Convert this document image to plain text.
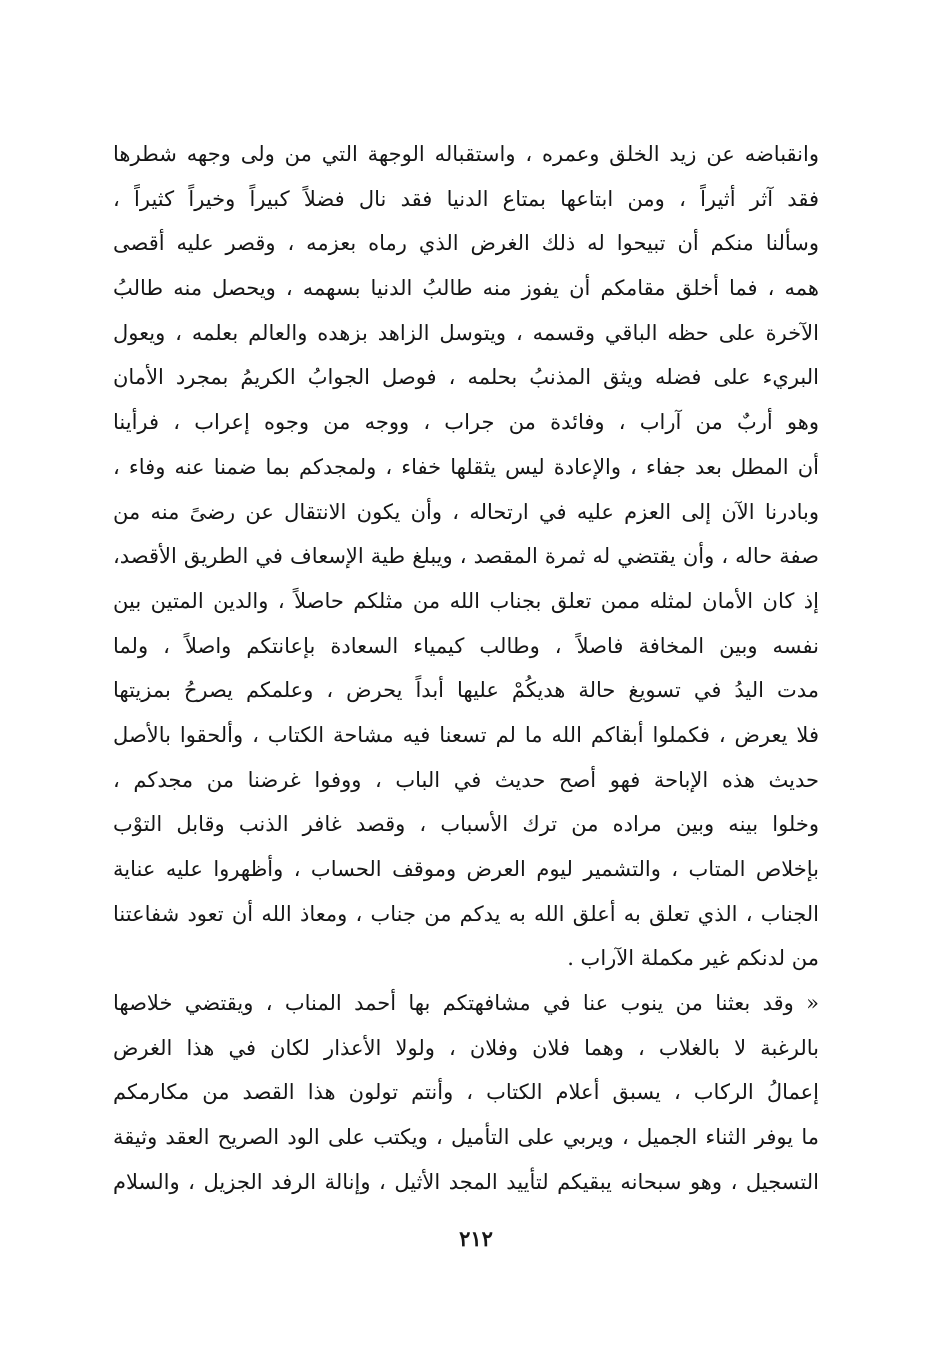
وانقباضه عن زيد الخلق وعمره ، واستقباله الوجهة التي من ولى وجهه شطرها
فقد آثر أثيراً ، ومن ابتاعها بمتاع الدنيا فقد نال فضلاً كبيراً وخيراً كثيراً ،
وسألنا منكم أن تبيحوا له ذلك الغرض الذي رماه بعزمه ، وقصر عليه أقصى
همه ، فما أخلق مقامكم أن يفوز منه طالبُ الدنيا بسهمه ، ويحصل منه طالبُ
الآخرة على حظه الباقي وقسمه ، ويتوسل الزاهد بزهده والعالم بعلمه ، ويعول
البريء على فضله ويثق المذنبُ بحلمه ، فوصل الجوابُ الكريمُ بمجرد الأمان
وهو أربٌ من آراب ، وفائدة من جراب ، ووجه من وجوه إعراب ، فرأينا
أن المطل بعد جفاء ، والإعادة ليس يثقلها خفاء ، ولمجدكم بما ضمنا عنه وفاء ،
وبادرنا الآن إلى العزم عليه في ارتحاله ، وأن يكون الانتقال عن رضىً منه من
صفة حاله ، وأن يقتضي له ثمرة المقصد ، ويبلغ طية الإسعاف في الطريق الأقصد،
إذ كان الأمان لمثله ممن تعلق بجناب الله من مثلكم حاصلاً ، والدين المتين بين
نفسه وبين المخافة فاصلاً ، وطالب كيمياء السعادة بإعانتكم واصلاً ، ولما
مدت اليدُ في تسويغ حالة هديكُمْ عليها أبداً يحرض ، وعلمكم يصرحُ بمزيتها
فلا يعرض ، فكملوا أبقاكم الله ما لم تسعنا فيه مشاحة الكتاب ، وألحقوا بالأصل
حديث هذه الإباحة فهو أصح حديث في الباب ، ووفوا غرضنا من مجدكم ،
وخلوا بينه وبين مراده من ترك الأسباب ، وقصد غافر الذنب وقابل التوْب
بإخلاص المتاب ، والتشمير ليوم العرض وموقف الحساب ، وأظهروا عليه عناية
الجناب ، الذي تعلق به أعلق الله به يدكم من جناب ، ومعاذ الله أن تعود شفاعتنا
من لدنكم غير مكملة الآراب .
« وقد بعثنا من ينوب عنا في مشافهتكم بها أحمد المناب ، ويقتضي خلاصها
بالرغبة لا بالغلاب ، وهما فلان وفلان ، ولولا الأعذار لكان في هذا الغرض
إعمالُ الركاب ، يسبق أعلام الكتاب ، وأنتم تولون هذا القصد من مكارمكم
ما يوفر الثناء الجميل ، ويربي على التأميل ، ويكتب على الود الصريح العقد وثيقة
التسجيل ، وهو سبحانه يبقيكم لتأييد المجد الأثيل ، وإنالة الرفد الجزيل ، والسلام
٢١٢
